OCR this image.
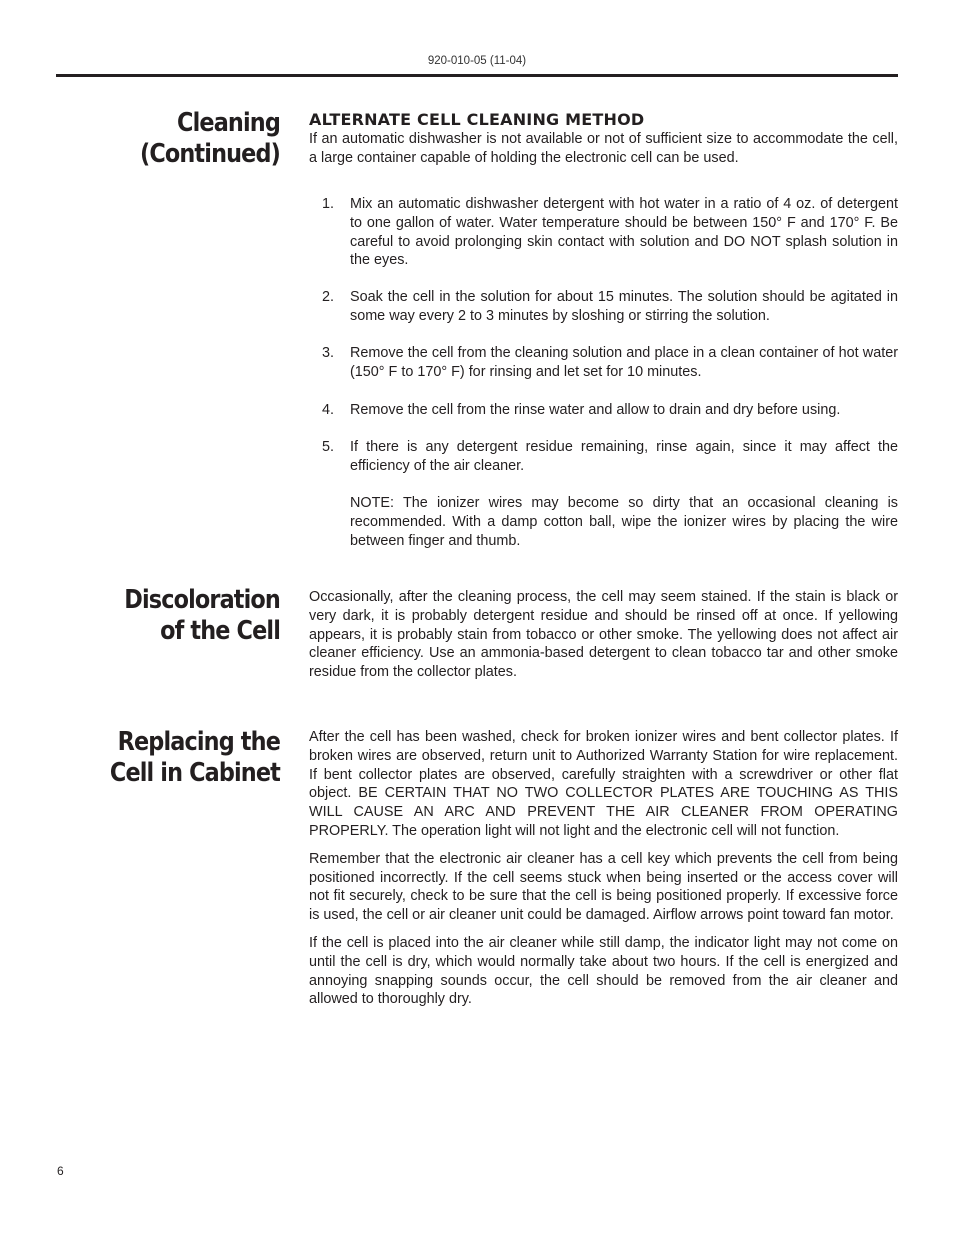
920-010-05 (11-04)
Cleaning
(Continued)
ALTERNATE CELL CLEANING METHOD

If an automatic dishwasher is not available or not of sufficient size to accommodate the cell, a large container capable of holding the electronic cell can be used.

1.	Mix an automatic dishwasher detergent with hot water in a ratio of 4 oz. of detergent to one gallon of water. Water temperature should be between 150° F and 170° F. Be careful to avoid prolonging skin contact with solution and DO NOT splash solution in the eyes.
2.	Soak the cell in the solution for about 15 minutes. The solution should be agitated in some way every 2 to 3 minutes by sloshing or stirring the solution.
3.	Remove the cell from the cleaning solution and place in a clean container of hot water (150° F to 170° F) for rinsing and let set for 10 minutes.
4.	Remove the cell from the rinse water and allow to drain and dry before using.
5.	If there is any detergent residue remaining, rinse again, since it may affect the efficiency of the air cleaner.
NOTE: The ionizer wires may become so dirty that an occasional cleaning is recommended. With a damp cotton ball, wipe the ionizer wires by placing the wire between finger and thumb.
Discoloration
of the Cell

Occasionally, after the cleaning process, the cell may seem stained. If the stain is black or very dark, it is probably detergent residue and should be rinsed off at once. If yellowing appears, it is probably stain from tobacco or other smoke. The yellowing does not affect air cleaner efficiency. Use an ammonia-based detergent to clean tobacco tar and other smoke residue from the collector plates.

Replacing the
Cell in Cabinet

After the cell has been washed, check for broken ionizer wires and bent collector plates. If broken wires are observed, return unit to Authorized Warranty Station for wire replacement. If bent collector plates are observed, carefully straighten with a screwdriver or other flat object. BE CERTAIN THAT NO TWO COLLECTOR PLATES ARE TOUCHING AS THIS WILL CAUSE AN ARC AND PREVENT THE AIR CLEANER FROM OPERATING PROPERLY. The operation light will not light and the electronic cell will not function.

Remember that the electronic air cleaner has a cell key which prevents the cell from being positioned incorrectly. If the cell seems stuck when being inserted or the access cover will not fit securely, check to be sure that the cell is being positioned properly. If excessive force is used, the cell or air cleaner unit could be damaged. Airflow arrows point toward fan motor.

If the cell is placed into the air cleaner while still damp, the indicator light may not come on until the cell is dry, which would normally take about two hours. If the cell is energized and annoying snapping sounds occur, the cell should be removed from the air cleaner and allowed to thoroughly dry.

6
